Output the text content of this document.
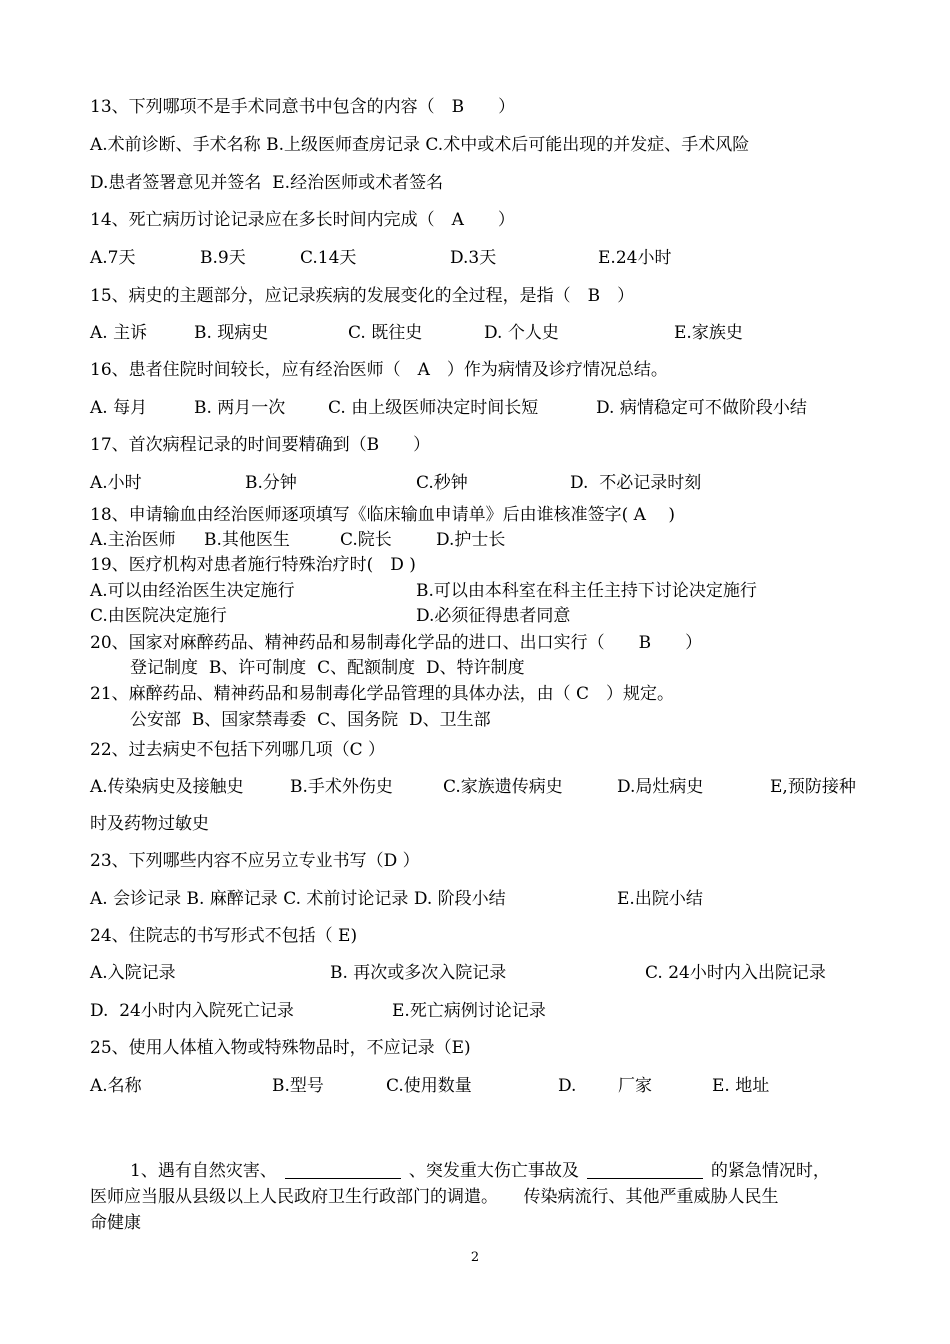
13、下列哪项不是手术同意书中包含的内容（　B　　）
A.术前诊断、手术名称 B.上级医师查房记录 C.术中或术后可能出现的并发症、手术风险
D.患者签署意见并签名 E.经治医师或术者签名
14、死亡病历讨论记录应在多长时间内完成（　A　　）
A.7天	B.9天	C.14天	D.3天	E.24小时
15、病史的主题部分，应记录疾病的发展变化的全过程，是指（　B　）
A. 主诉	B. 现病史	C. 既往史	D. 个人史	E.家族史
16、患者住院时间较长，应有经治医师（　A　）作为病情及诊疗情况总结。
A. 每月	B. 两月一次	C. 由上级医师决定时间长短	D. 病情稳定可不做阶段小结
17、首次病程记录的时间要精确到（B　　）
A.小时	B.分钟	C.秒钟	D.  不必记录时刻
18、申请输血由经治医师逐项填写《临床输血申请单》后由谁核准签字( A　 )
A.主治医师 B.其他医生	C.院长	D.护士长
19、医疗机构对患者施行特殊治疗时(　D )
A.可以由经治医生决定施行	B.可以由本科室在科主任主持下讨论决定施行
C.由医院决定施行	D.必须征得患者同意
20、国家对麻醉药品、精神药品和易制毒化学品的进口、出口实行（　　B　　）
登记制度 B、许可制度 C、配额制度 D、特许制度
21、麻醉药品、精神药品和易制毒化学品管理的具体办法，由（ C　）规定。
公安部 B、国家禁毒委 C、国务院 D、卫生部
22、过去病史不包括下列哪几项（C ）
A.传染病史及接触史	B.手术外伤史	C.家族遗传病史	D.局灶病史	E,预防接种
时及药物过敏史
23、下列哪些内容不应另立专业书写（D ）
A. 会诊记录 B. 麻醉记录 C. 术前讨论记录 D. 阶段小结	E.出院小结
24、住院志的书写形式不包括（ E)
A.入院记录	B. 再次或多次入院记录	C. 24小时内入出院记录
D.  24小时内入院死亡记录	E.死亡病例讨论记录
25、使用人体植入物或特殊物品时，不应记录（E)
A.名称	B.型号	C.使用数量	D. 厂家	E. 地址
1、遇有自然灾害、	、突发重大伤亡事故及	的紧急情况时，
医师应当服从县级以上人民政府卫生行政部门的调遣。　　传染病流行、其他严重威胁人民生
命健康
2
